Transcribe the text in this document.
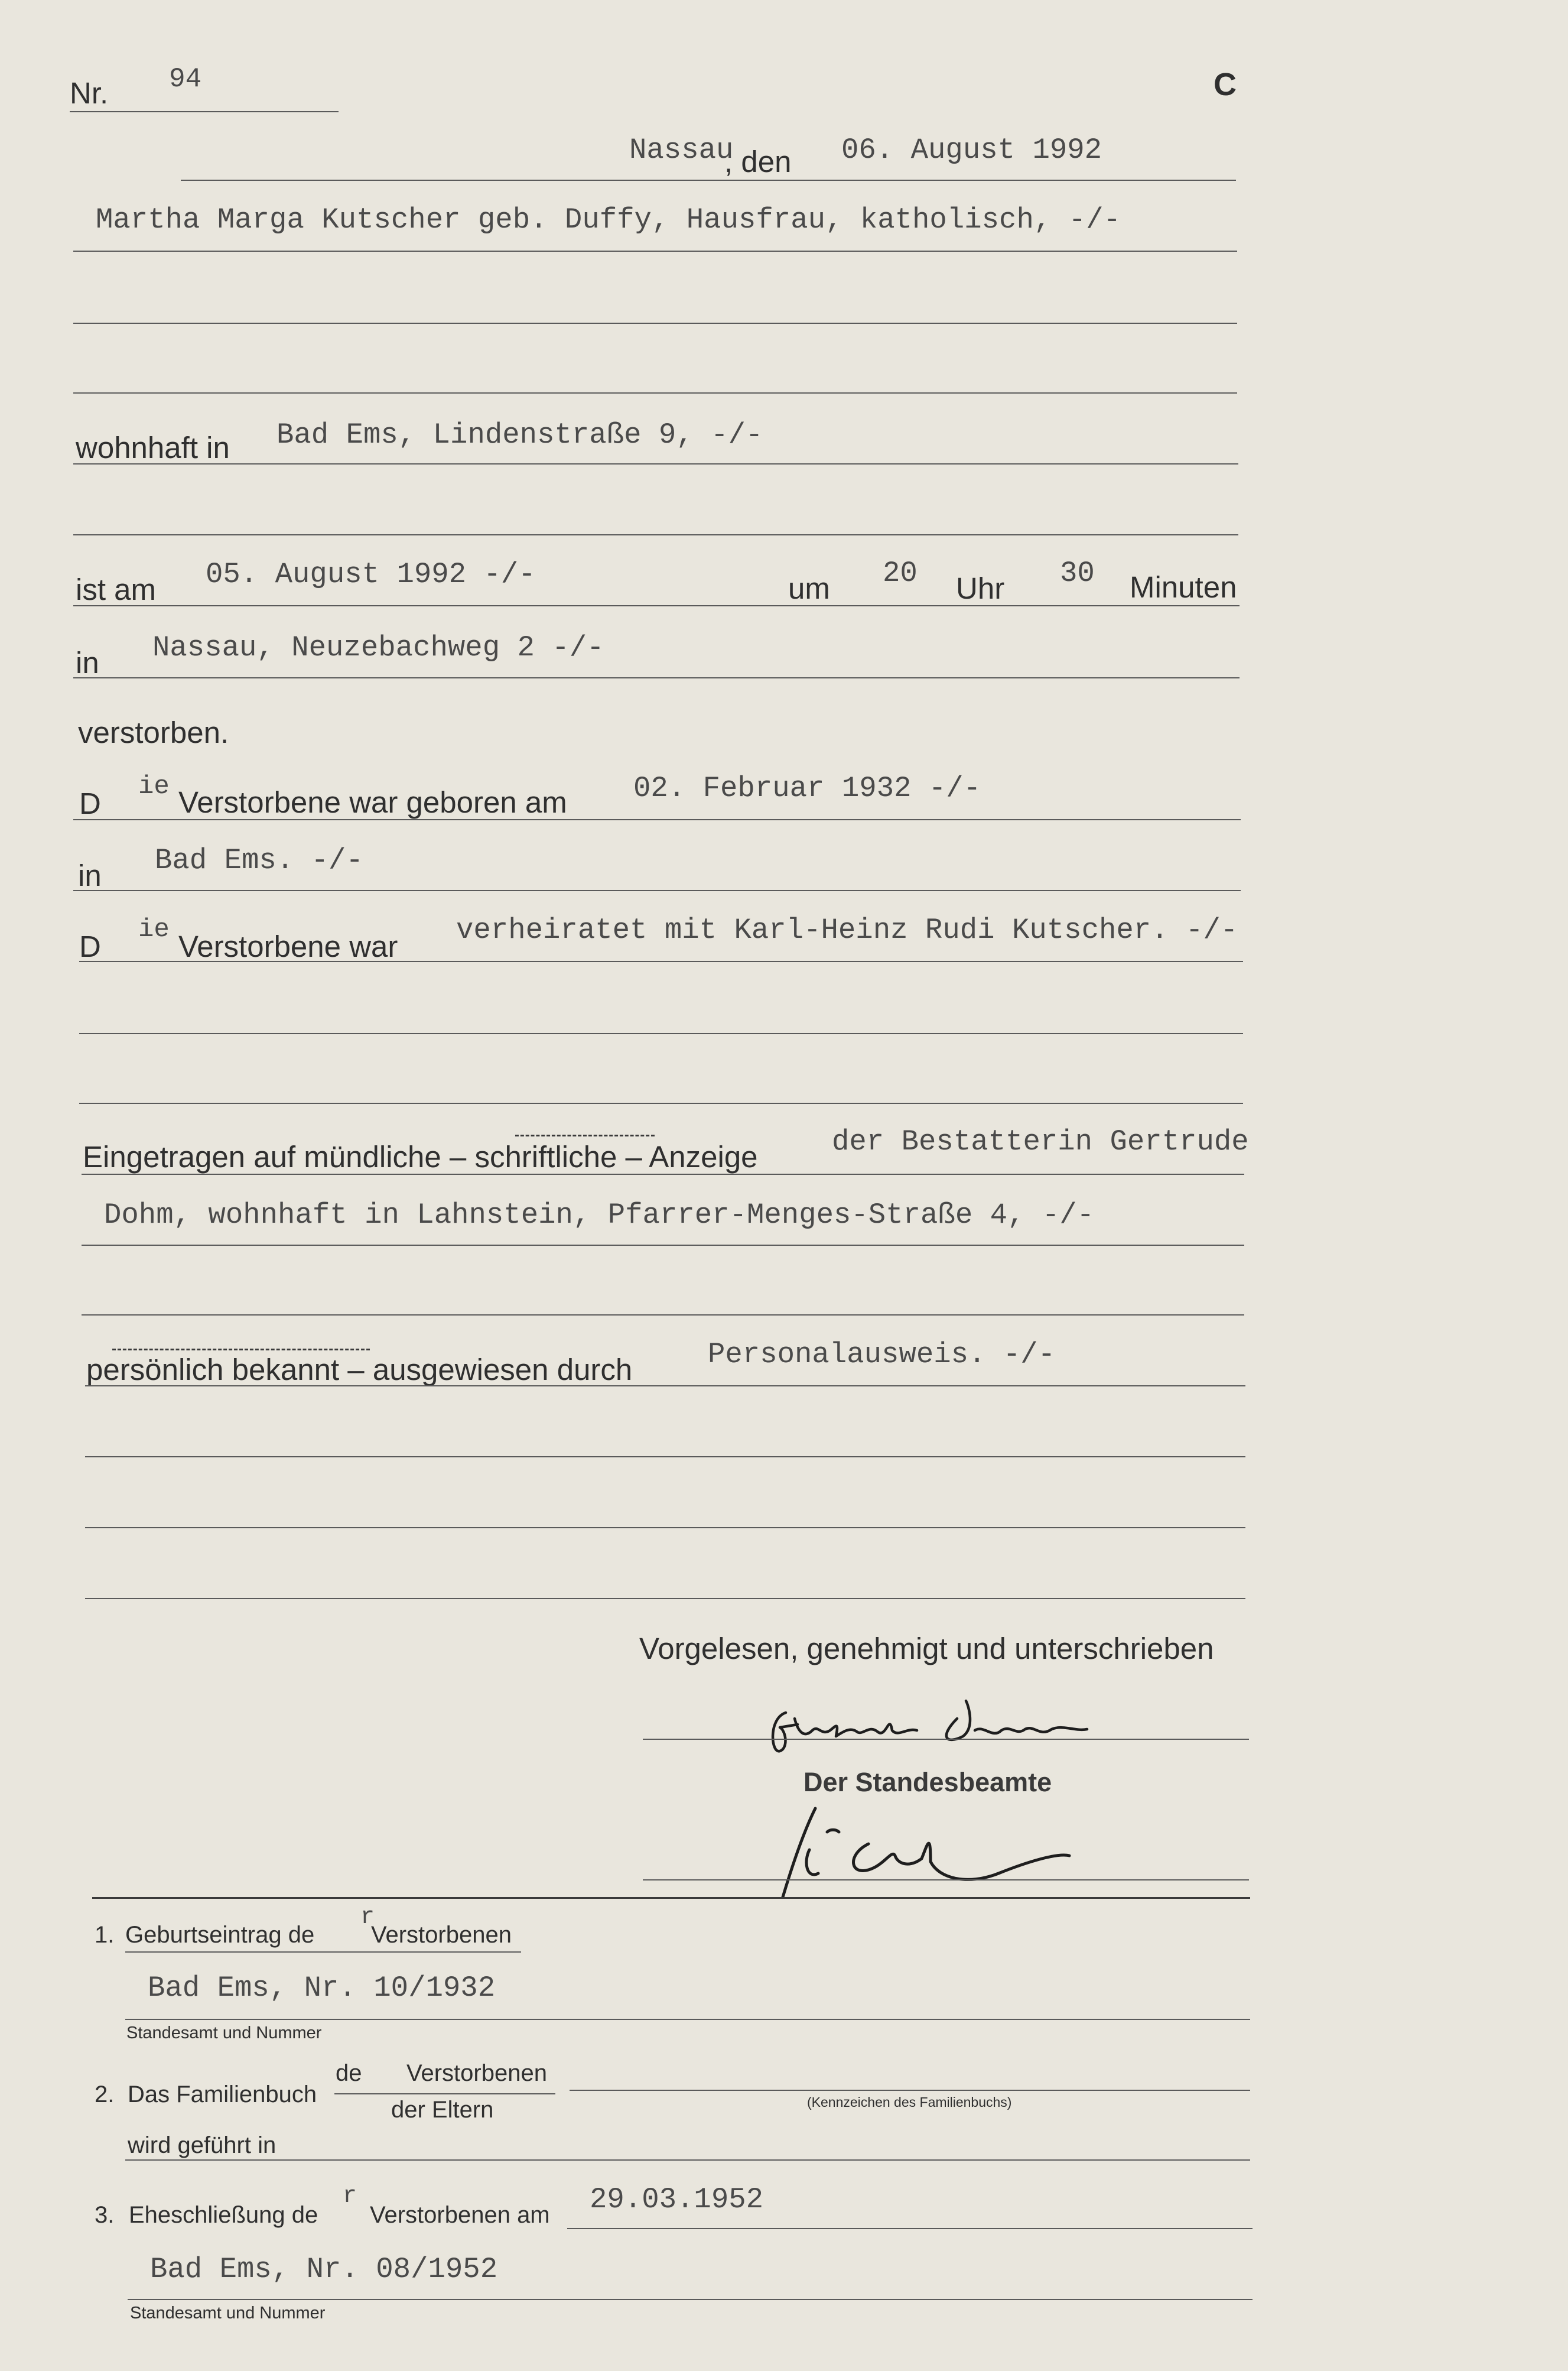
Nr. 94	C
Nassau
, den 06. August 1992
Martha Marga Kutscher geb. Duffy, Hausfrau, katholisch, -/-
wohnhaft in Bad Ems, Lindenstraße 9, -/-
ist am 05. August 1992 -/-	um 20 Uhr 30 Minuten
in Nassau, Neuzebachweg 2 -/-
verstorben.
D ie Verstorbene war geboren am 02. Februar 1932 -/-
in Bad Ems. -/-
D ie Verstorbene war verheiratet mit Karl-Heinz Rudi Kutscher. -/-
Eingetragen auf mündliche – schriftliche – Anzeige	der Bestatterin Gertrude
Dohm, wohnhaft in Lahnstein, Pfarrer-Menges-Straße 4, -/-
persönlich bekannt – ausgewiesen durch	Personalausweis. -/-
Vorgelesen, genehmigt und unterschrieben
Der Standesbeamte
1. Geburtseintrag de
r
Verstorbenen
Bad Ems, Nr. 10/1932
Standesamt und Nummer
2. Das Familienbuch
de Verstorbenen
der Eltern	(Kennzeichen des Familienbuchs)
wird geführt in
3. Eheschließung de
r
Verstorbenen am 29.03.1952
Bad Ems, Nr. 08/1952
Standesamt und Nummer
